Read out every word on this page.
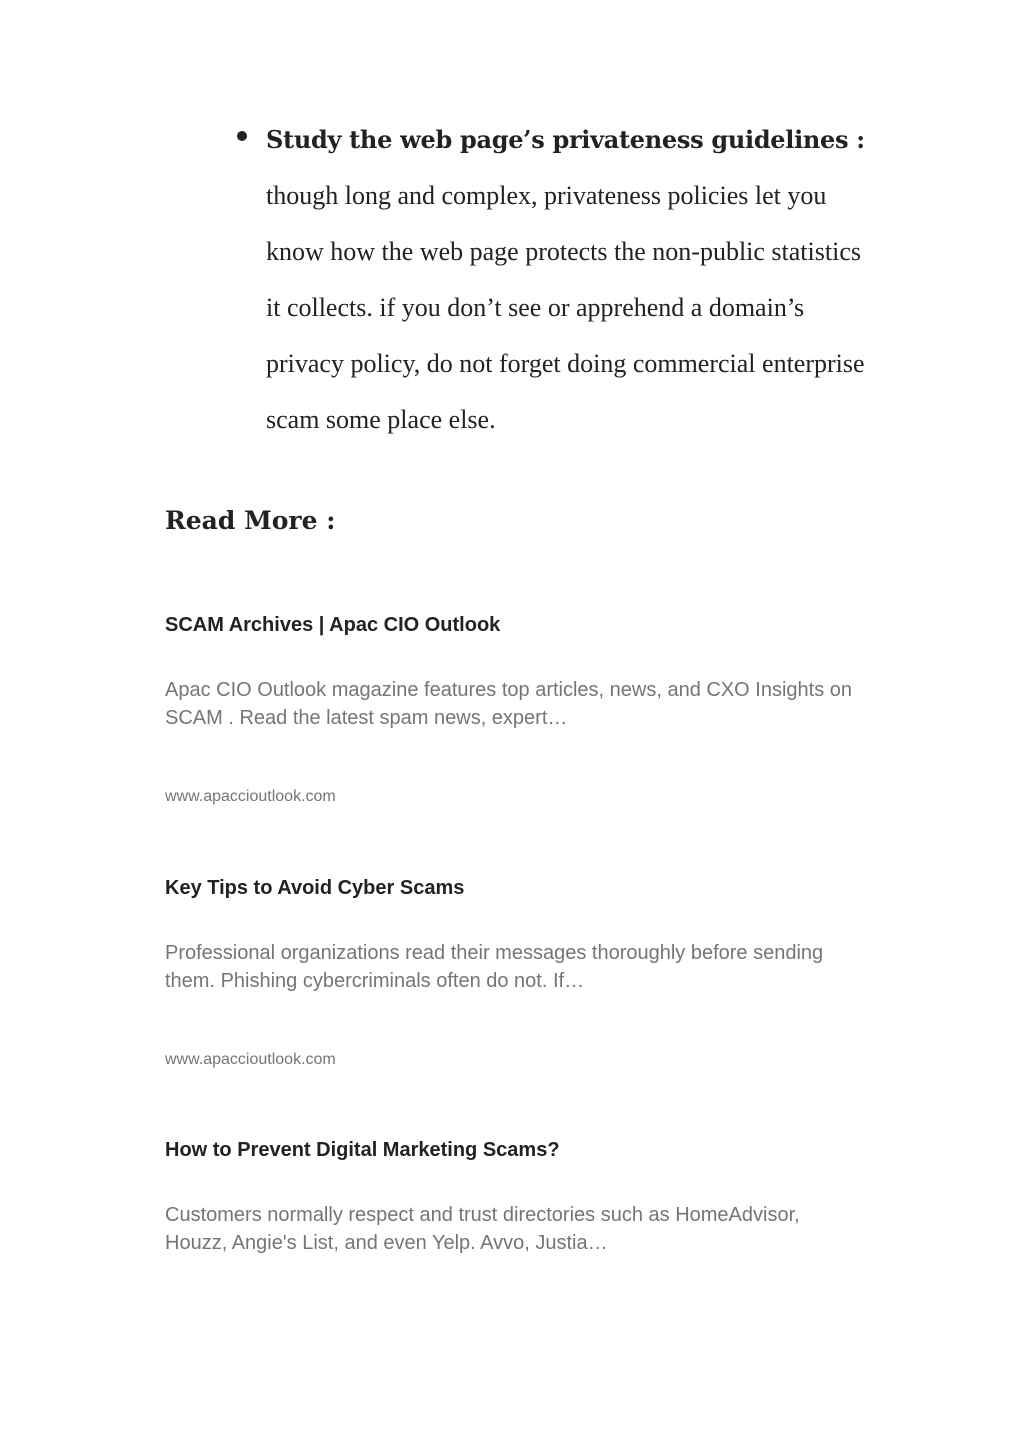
Study the web page’s privateness guidelines : though long and complex, privateness policies let you know how the web page protects the non-public statistics it collects. if you don’t see or apprehend a domain’s privacy policy, do not forget doing commercial enterprise scam some place else.
Read More :
SCAM Archives | Apac CIO Outlook

Apac CIO Outlook magazine features top articles, news, and CXO Insights on SCAM . Read the latest spam news, expert…

www.apaccioutlook.com
Key Tips to Avoid Cyber Scams

Professional organizations read their messages thoroughly before sending them. Phishing cybercriminals often do not. If…

www.apaccioutlook.com
How to Prevent Digital Marketing Scams?

Customers normally respect and trust directories such as HomeAdvisor, Houzz, Angie's List, and even Yelp. Avvo, Justia…
